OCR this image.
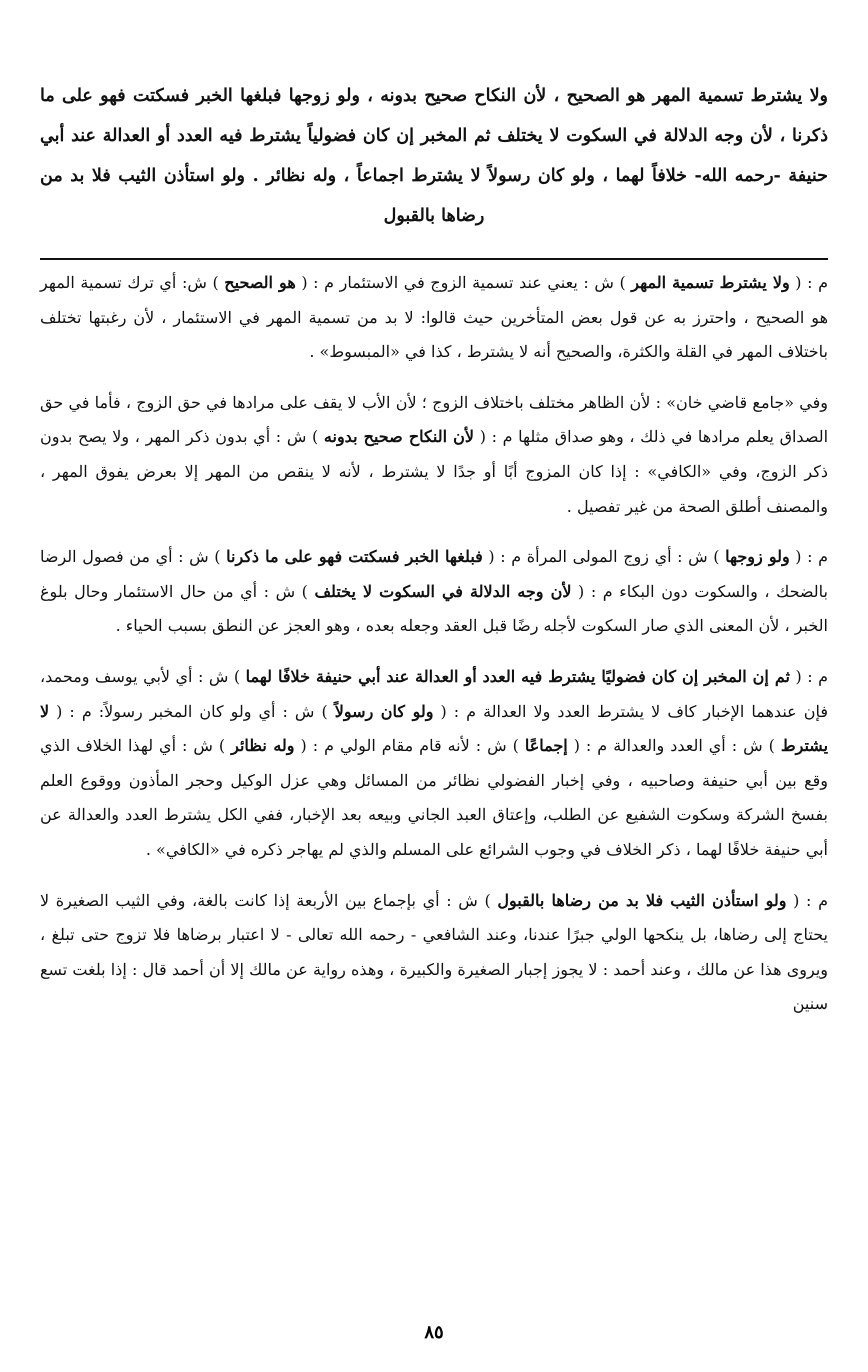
ولا يشترط تسمية المهر هو الصحيح ، لأن النكاح صحيح بدونه ، ولو زوجها فبلغها الخبر فسكتت فهو على ما ذكرنا ، لأن وجه الدلالة في السكوت لا يختلف ثم المخبر إن كان فضولياً يشترط فيه العدد أو العدالة عند أبي حنيفة -رحمه الله- خلافاً لهما ، ولو كان رسولاً لا يشترط اجماعاً ، وله نظائر . ولو استأذن الثيب فلا بد من رضاها بالقبول

م : ( ولا يشترط تسمية المهر ) ش : يعني عند تسمية الزوج في الاستئمار م : ( هو الصحيح ) ش: أي ترك تسمية المهر هو الصحيح ، واحترز به عن قول بعض المتأخرين حيث قالوا: لا بد من تسمية المهر في الاستئمار ، لأن رغبتها تختلف باختلاف المهر في القلة والكثرة، والصحيح أنه لا يشترط ، كذا في «المبسوط» .

وفي «جامع قاضي خان» : لأن الظاهر مختلف باختلاف الزوج ؛ لأن الأب لا يقف على مرادها في حق الزوج ، فأما في حق الصداق يعلم مرادها في ذلك ، وهو صداق مثلها م : ( لأن النكاح صحيح بدونه ) ش : أي بدون ذكر المهر ، ولا يصح بدون ذكر الزوج، وفي «الكافي» : إذا كان المزوج أبًا أو جدًا لا يشترط ، لأنه لا ينقص من المهر إلا بعرض يفوق المهر ، والمصنف أطلق الصحة من غير تفصيل .

م : ( ولو زوجها ) ش : أي زوج المولى المرأة م : ( فبلغها الخبر فسكتت فهو على ما ذكرنا ) ش : أي من فصول الرضا بالضحك ، والسكوت دون البكاء م : ( لأن وجه الدلالة في السكوت لا يختلف ) ش : أي من حال الاستئمار وحال بلوغ الخبر ، لأن المعنى الذي صار السكوت لأجله رضًا قبل العقد وجعله بعده ، وهو العجز عن النطق بسبب الحياء .

م : ( ثم إن المخبر إن كان فضوليًا يشترط فيه العدد أو العدالة عند أبي حنيفة خلافًا لهما ) ش : أي لأبي يوسف ومحمد، فإن عندهما الإخبار كاف لا يشترط العدد ولا العدالة م : ( ولو كان رسولاً ) ش : أي ولو كان المخبر رسولاً: م : ( لا يشترط ) ش : أي العدد والعدالة م : ( إجماعًا ) ش : لأنه قام مقام الولي م : ( وله نظائر ) ش : أي لهذا الخلاف الذي وقع بين أبي حنيفة وصاحبيه ، وفي إخبار الفضولي نظائر من المسائل وهي عزل الوكيل وحجر المأذون ووقوع العلم بفسخ الشركة وسكوت الشفيع عن الطلب، وإعتاق العبد الجاني وبيعه بعد الإخبار، ففي الكل يشترط العدد والعدالة عن أبي حنيفة خلافًا لهما ، ذكر الخلاف في وجوب الشرائع على المسلم والذي لم يهاجر ذكره في «الكافي» .

م : ( ولو استأذن الثيب فلا بد من رضاها بالقبول ) ش : أي بإجماع بين الأربعة إذا كانت بالغة، وفي الثيب الصغيرة لا يحتاج إلى رضاها، بل ينكحها الولي جبرًا عندنا، وعند الشافعي - رحمه الله تعالى - لا اعتبار برضاها فلا تزوج حتى تبلغ ، ويروى هذا عن مالك ، وعند أحمد : لا يجوز إجبار الصغيرة والكبيرة ، وهذه رواية عن مالك إلا أن أحمد قال : إذا بلغت تسع سنين

٨٥
